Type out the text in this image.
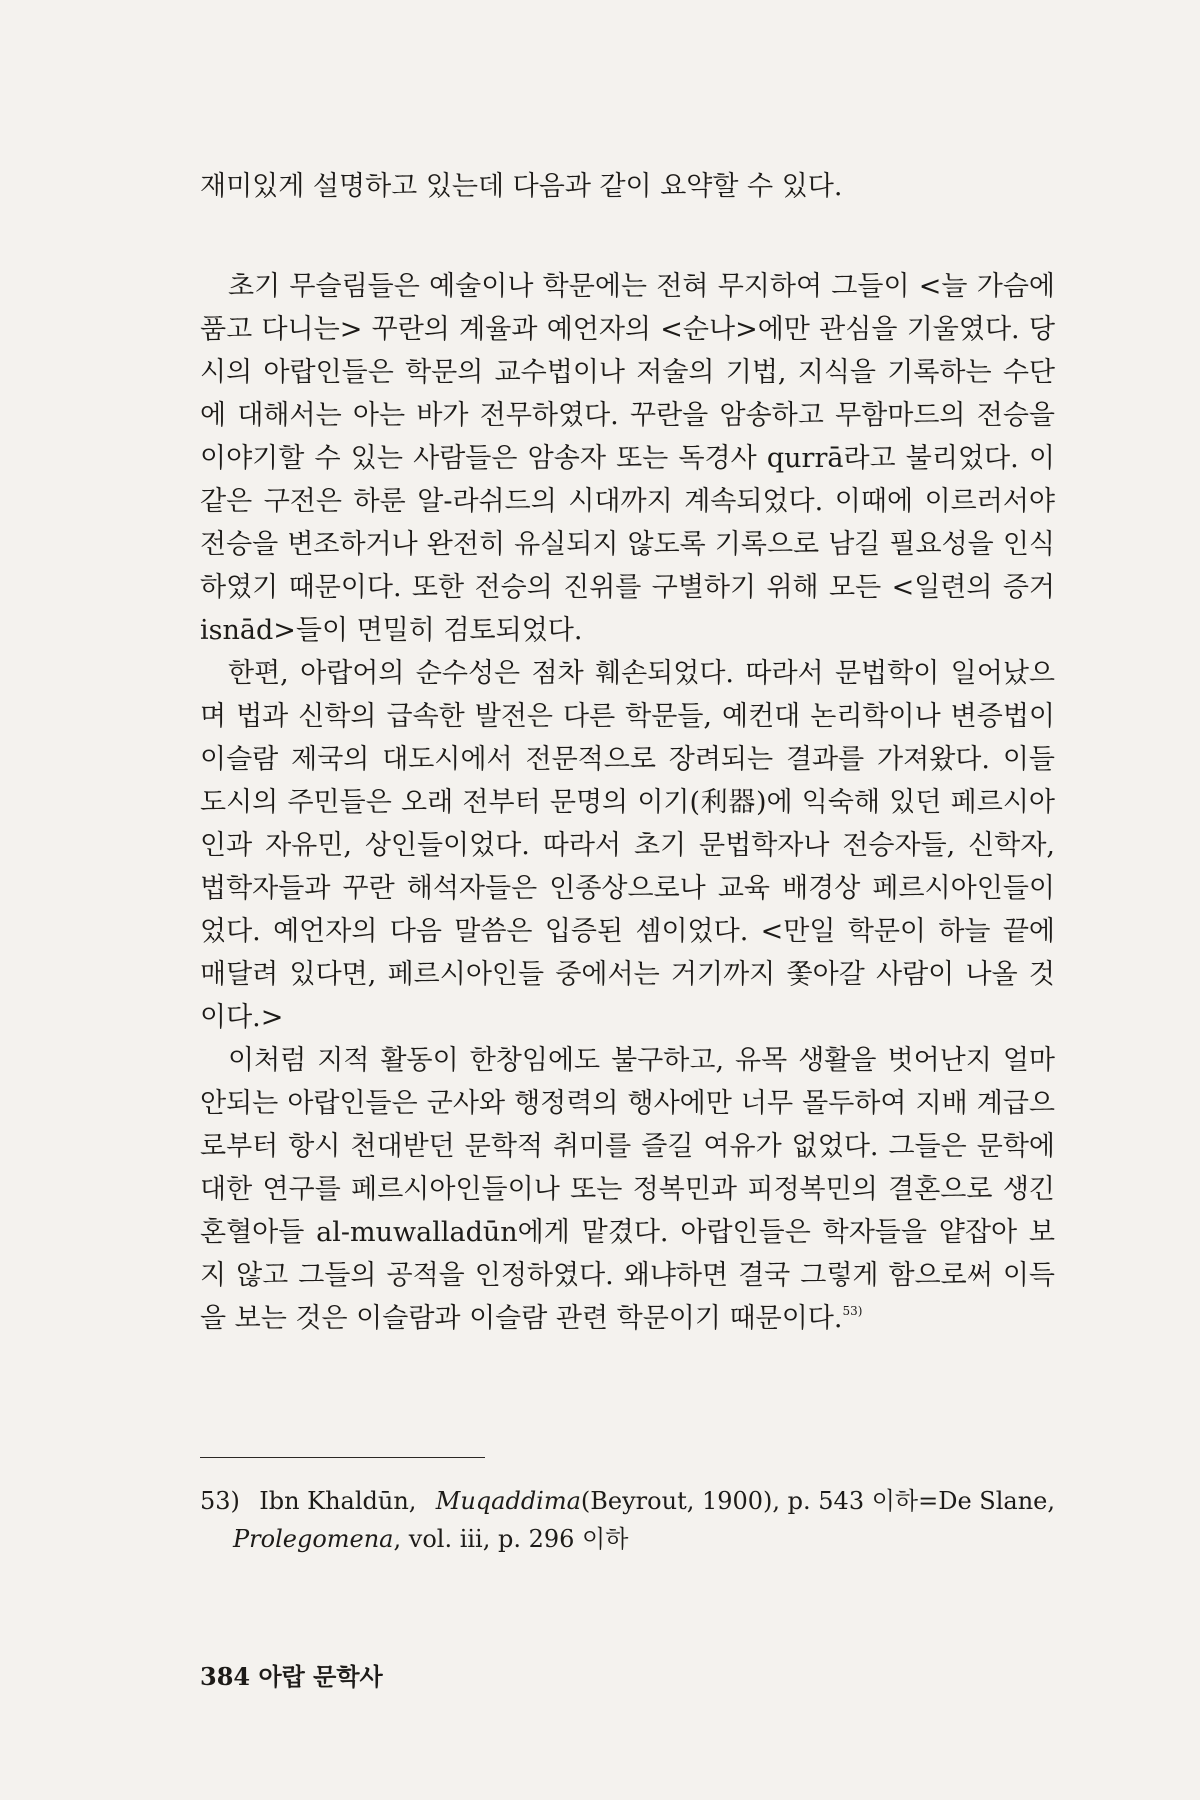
재미있게 설명하고 있는데 다음과 같이 요약할 수 있다.

초기 무슬림들은 예술이나 학문에는 전혀 무지하여 그들이 <늘 가슴에 품고 다니는> 꾸란의 계율과 예언자의 <순나>에만 관심을 기울였다. 당시의 아랍인들은 학문의 교수법이나 저술의 기법, 지식을 기록하는 수단에 대해서는 아는 바가 전무하였다. 꾸란을 암송하고 무함마드의 전승을 이야기할 수 있는 사람들은 암송자 또는 독경사 qurrā라고 불리었다. 이같은 구전은 하룬 알-라쉬드의 시대까지 계속되었다. 이때에 이르러서야 전승을 변조하거나 완전히 유실되지 않도록 기록으로 남길 필요성을 인식하였기 때문이다. 또한 전승의 진위를 구별하기 위해 모든 <일련의 증거 isnād>들이 면밀히 검토되었다.

한편, 아랍어의 순수성은 점차 훼손되었다. 따라서 문법학이 일어났으며 법과 신학의 급속한 발전은 다른 학문들, 예컨대 논리학이나 변증법이 이슬람 제국의 대도시에서 전문적으로 장려되는 결과를 가져왔다. 이들 도시의 주민들은 오래 전부터 문명의 이기(利器)에 익숙해 있던 페르시아인과 자유민, 상인들이었다. 따라서 초기 문법학자나 전승자들, 신학자, 법학자들과 꾸란 해석자들은 인종상으로나 교육 배경상 페르시아인들이었다. 예언자의 다음 말씀은 입증된 셈이었다. <만일 학문이 하늘 끝에 매달려 있다면, 페르시아인들 중에서는 거기까지 쫓아갈 사람이 나올 것이다.>

이처럼 지적 활동이 한창임에도 불구하고, 유목 생활을 벗어난지 얼마 안되는 아랍인들은 군사와 행정력의 행사에만 너무 몰두하여 지배 계급으로부터 항시 천대받던 문학적 취미를 즐길 여유가 없었다. 그들은 문학에 대한 연구를 페르시아인들이나 또는 정복민과 피정복민의 결혼으로 생긴 혼혈아들 al-muwalladūn에게 맡겼다. 아랍인들은 학자들을 얕잡아 보지 않고 그들의 공적을 인정하였다. 왜냐하면 결국 그렇게 함으로써 이득을 보는 것은 이슬람과 이슬람 관련 학문이기 때문이다.$^{53)}$

53) Ibn Khaldūn, Muqaddima(Beyrout, 1900), p. 543 이하=De Slane,
Prolegomena, vol. iii, p. 296 이하
384 아랍 문학사
